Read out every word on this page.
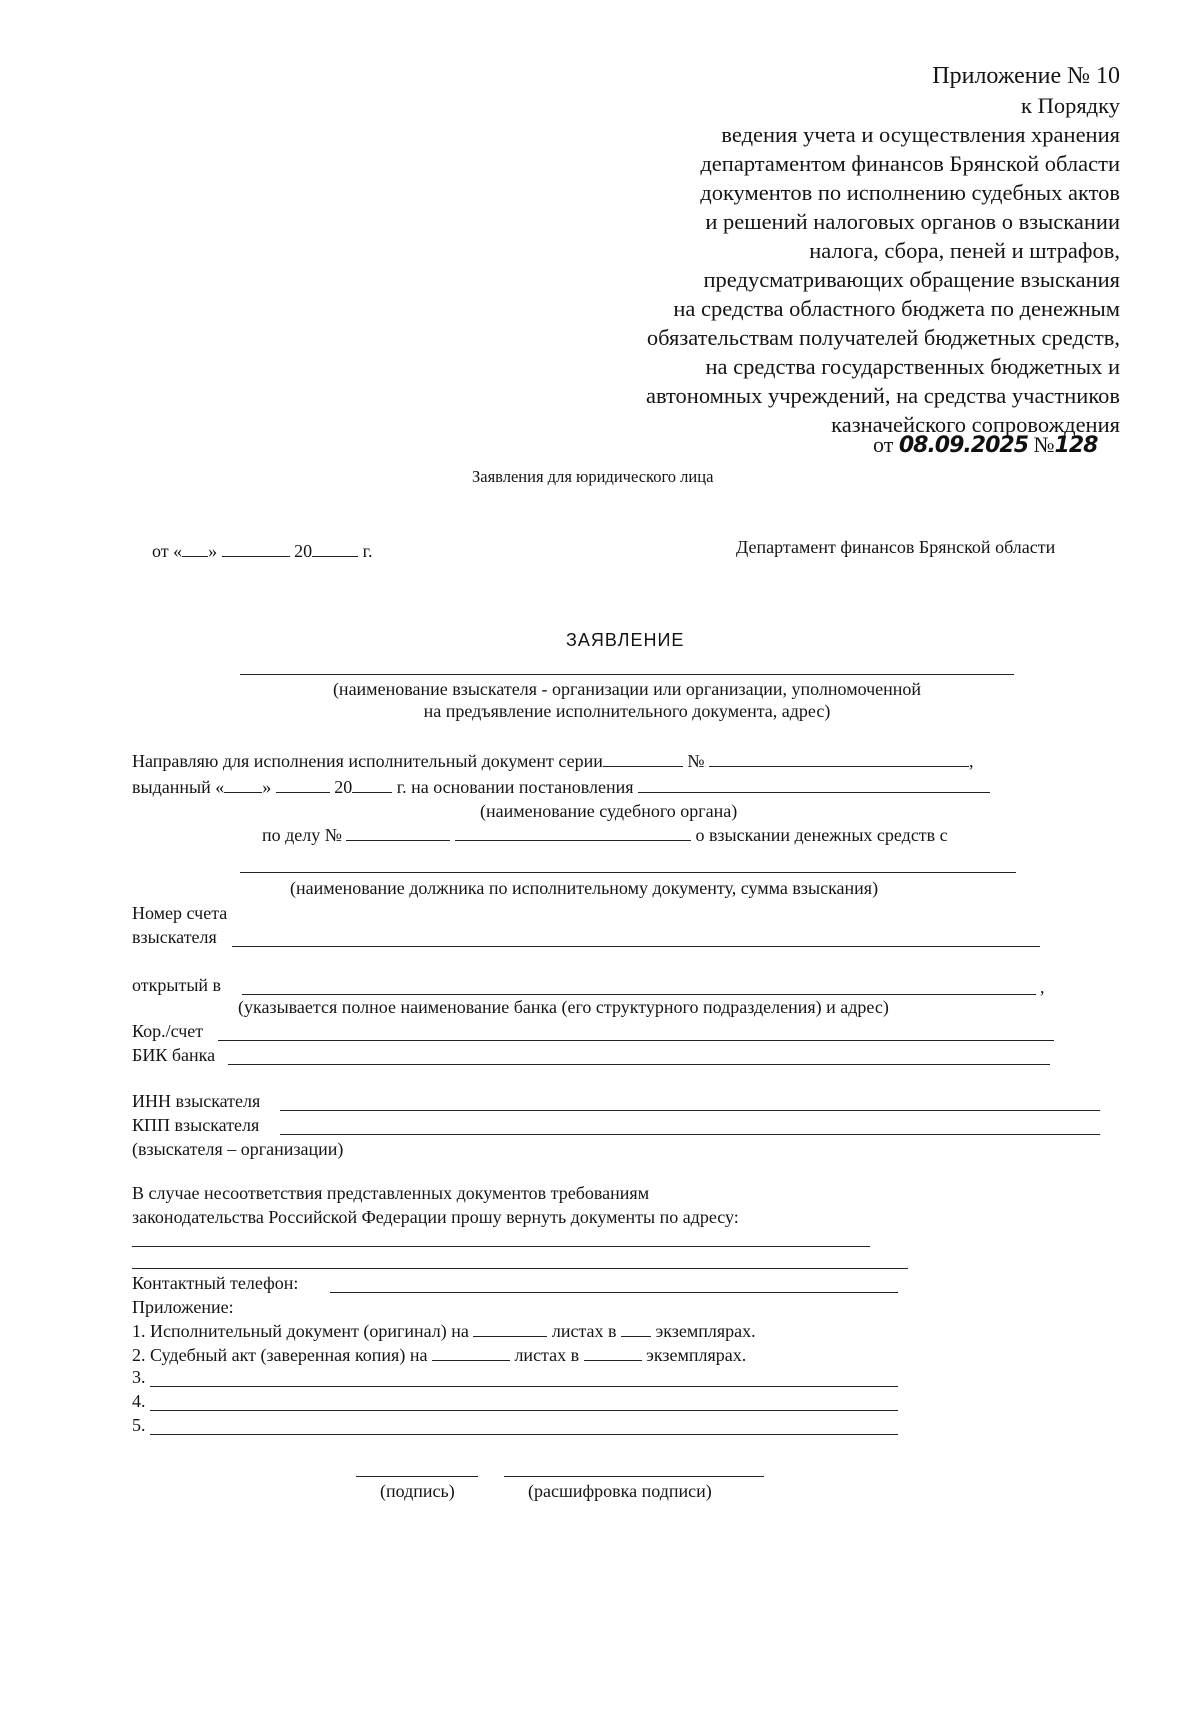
Приложение № 10
к Порядку
ведения учета и осуществления хранения
департаментом финансов Брянской области
документов по исполнению судебных актов
и решений налоговых органов о взыскании
налога, сбора, пеней и штрафов,
предусматривающих обращение взыскания
на средства областного бюджета по денежным
обязательствам получателей бюджетных средств,
на средства государственных бюджетных и
автономных учреждений, на средства участников
казначейского сопровождения
от 08.09.2025 №128
Заявления для юридического лица
от « »	20	г.	Департамент финансов Брянской области
ЗАЯВЛЕНИЕ
(наименование взыскателя - организации или организации, уполномоченной
на предъявление исполнительного документа, адрес)
Направляю для исполнения исполнительный документ серии	№	,
выданный « »	20 г. на основании постановления
(наименование судебного органа)
по делу №	о взыскании денежных средств с
(наименование должника по исполнительному документу, сумма взыскания)
Номер счета
взыскателя
открытый в	,
(указывается полное наименование банка (его структурного подразделения) и адрес)
Кор./счет
БИК банка
ИНН взыскателя
КПП взыскателя
(взыскателя – организации)
В случае несоответствия представленных документов требованиям
законодательства Российской Федерации прошу вернуть документы по адресу:
Контактный телефон:
Приложение:
1. Исполнительный документ (оригинал) на	листах в экземплярах.
2. Судебный акт (заверенная копия) на	листах в	экземплярах.
3.
4.
5.
(подпись)	(расшифровка подписи)
